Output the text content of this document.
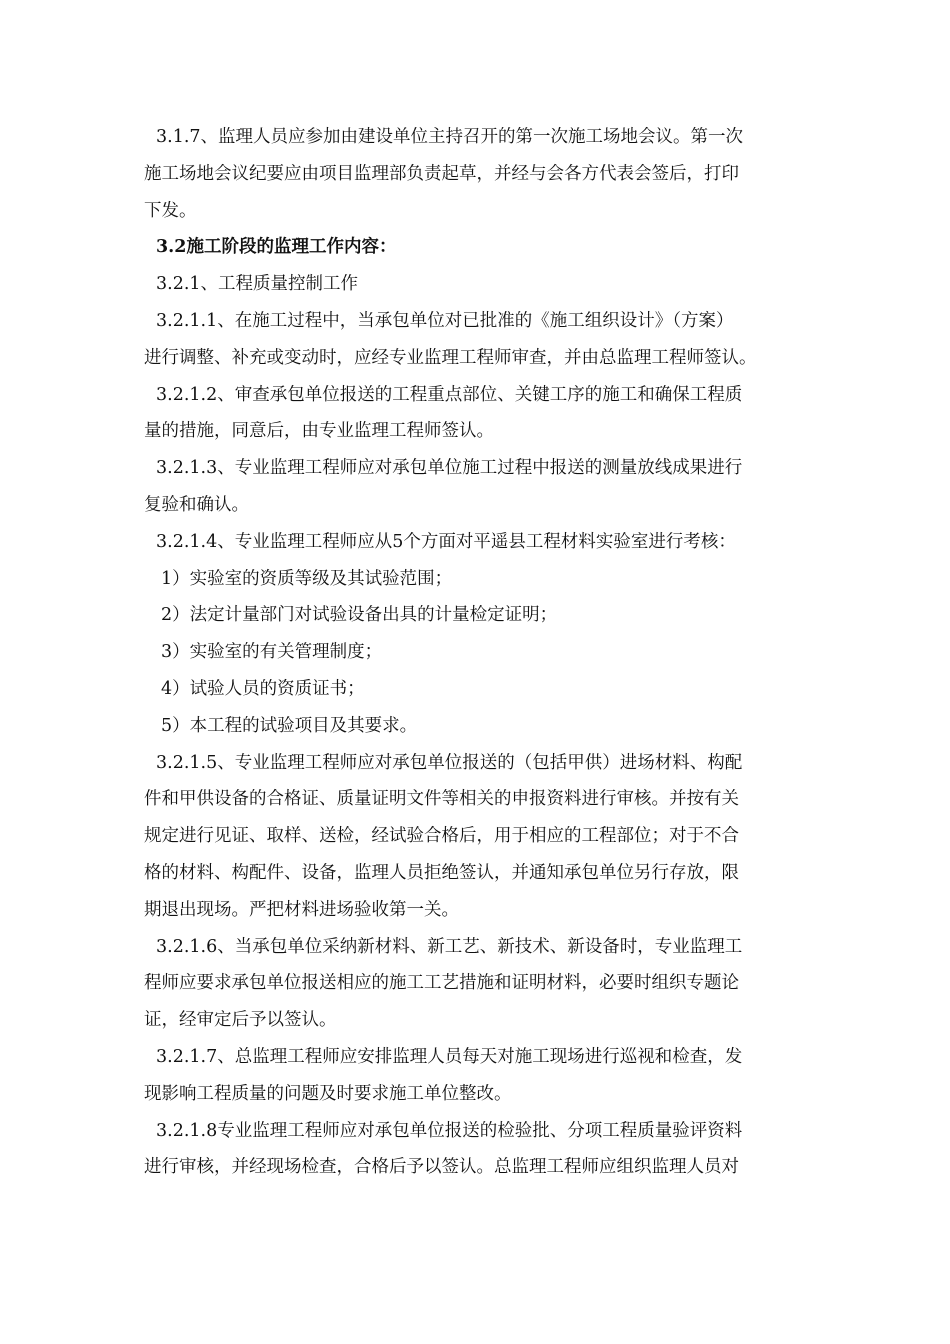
3.1.7、监理人员应参加由建设单位主持召开的第一次施工场地会议。第一次
施工场地会议纪要应由项目监理部负责起草，并经与会各方代表会签后，打印
下发。
3.2施工阶段的监理工作内容：
3.2.1、工程质量控制工作
3.2.1.1、在施工过程中，当承包单位对已批准的《施工组织设计》（方案）
进行调整、补充或变动时，应经专业监理工程师审查，并由总监理工程师签认。
3.2.1.2、审查承包单位报送的工程重点部位、关键工序的施工和确保工程质
量的措施，同意后，由专业监理工程师签认。
3.2.1.3、专业监理工程师应对承包单位施工过程中报送的测量放线成果进行
复验和确认。
3.2.1.4、专业监理工程师应从5个方面对平遥县工程材料实验室进行考核：
1）实验室的资质等级及其试验范围；
2）法定计量部门对试验设备出具的计量检定证明；
3）实验室的有关管理制度；
4）试验人员的资质证书；
5）本工程的试验项目及其要求。
3.2.1.5、专业监理工程师应对承包单位报送的（包括甲供）进场材料、构配
件和甲供设备的合格证、质量证明文件等相关的申报资料进行审核。并按有关
规定进行见证、取样、送检，经试验合格后，用于相应的工程部位；对于不合
格的材料、构配件、设备，监理人员拒绝签认，并通知承包单位另行存放，限
期退出现场。严把材料进场验收第一关。
3.2.1.6、当承包单位采纳新材料、新工艺、新技术、新设备时，专业监理工
程师应要求承包单位报送相应的施工工艺措施和证明材料，必要时组织专题论
证，经审定后予以签认。
3.2.1.7、总监理工程师应安排监理人员每天对施工现场进行巡视和检查，发
现影响工程质量的问题及时要求施工单位整改。
3.2.1.8专业监理工程师应对承包单位报送的检验批、分项工程质量验评资料
进行审核，并经现场检查，合格后予以签认。总监理工程师应组织监理人员对
